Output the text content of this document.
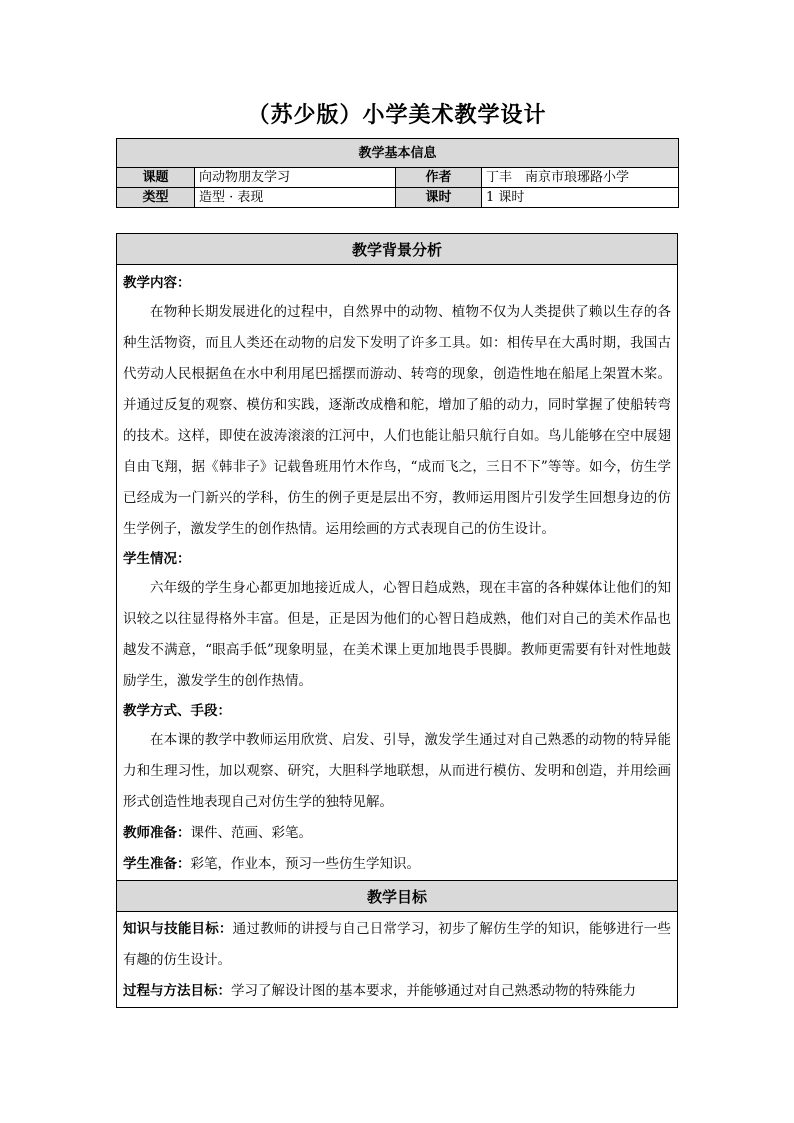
（苏少版）小学美术教学设计
教学基本信息			
课题	向动物朋友学习	作者	丁丰　南京市琅琊路小学
类型	造型 · 表现	课时	1 课时
教学背景分析

教学内容：

在物种长期发展进化的过程中，自然界中的动物、植物不仅为人类提供了赖以生存的各种生活物资，而且人类还在动物的启发下发明了许多工具。如：相传早在大禹时期，我国古代劳动人民根据鱼在水中利用尾巴摇摆而游动、转弯的现象，创造性地在船尾上架置木桨。并通过反复的观察、模仿和实践，逐渐改成橹和舵，增加了船的动力，同时掌握了使船转弯的技术。这样，即使在波涛滚滚的江河中，人们也能让船只航行自如。鸟儿能够在空中展翅自由飞翔，据《韩非子》记载鲁班用竹木作鸟，“成而飞之，三日不下”等等。如今，仿生学已经成为一门新兴的学科，仿生的例子更是层出不穷，教师运用图片引发学生回想身边的仿生学例子，激发学生的创作热情。运用绘画的方式表现自己的仿生设计。

学生情况：

六年级的学生身心都更加地接近成人，心智日趋成熟，现在丰富的各种媒体让他们的知识较之以往显得格外丰富。但是，正是因为他们的心智日趋成熟，他们对自己的美术作品也越发不满意，“眼高手低”现象明显，在美术课上更加地畏手畏脚。教师更需要有针对性地鼓励学生，激发学生的创作热情。

教学方式、手段：

在本课的教学中教师运用欣赏、启发、引导，激发学生通过对自己熟悉的动物的特异能力和生理习性，加以观察、研究，大胆科学地联想，从而进行模仿、发明和创造，并用绘画形式创造性地表现自己对仿生学的独特见解。

教师准备：课件、范画、彩笔。

学生准备：彩笔，作业本，预习一些仿生学知识。

教学目标

知识与技能目标：通过教师的讲授与自己日常学习，初步了解仿生学的知识，能够进行一些有趣的仿生设计。

过程与方法目标：学习了解设计图的基本要求，并能够通过对自己熟悉动物的特殊能力
